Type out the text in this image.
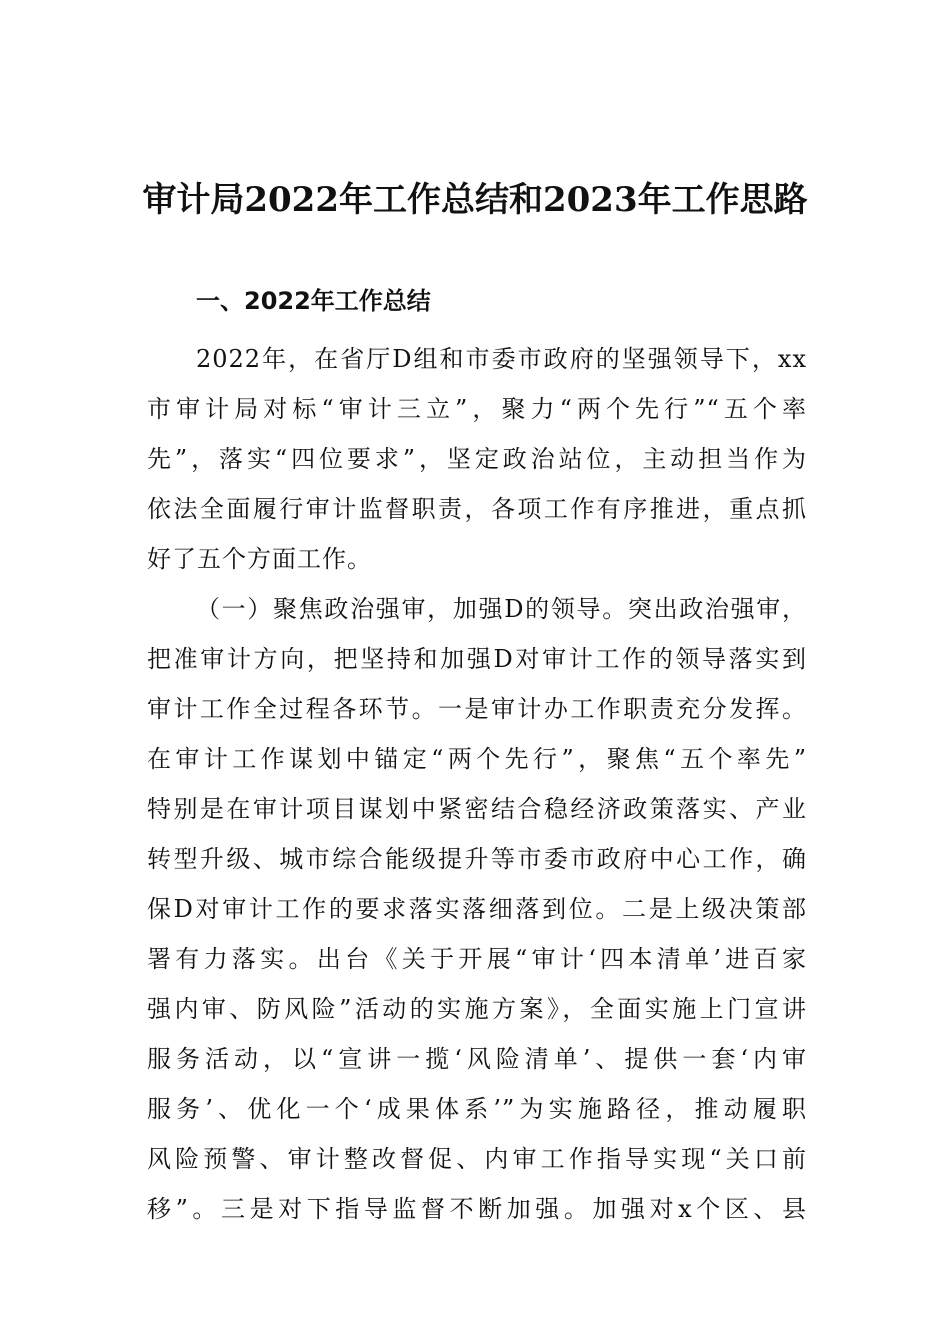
审计局2022年工作总结和2023年工作思路
一、2022年工作总结
2022年，在省厅D组和市委市政府的坚强领导下，xx
市审计局对标“审计三立”，聚力“两个先行”“五个率
先”，落实“四位要求”，坚定政治站位，主动担当作为
依法全面履行审计监督职责，各项工作有序推进，重点抓
好了五个方面工作。
（一）聚焦政治强审，加强D的领导。突出政治强审，
把准审计方向，把坚持和加强D对审计工作的领导落实到
审计工作全过程各环节。一是审计办工作职责充分发挥。
在审计工作谋划中锚定“两个先行”，聚焦“五个率先”
特别是在审计项目谋划中紧密结合稳经济政策落实、产业
转型升级、城市综合能级提升等市委市政府中心工作，确
保D对审计工作的要求落实落细落到位。二是上级决策部
署有力落实。出台《关于开展“审计‘四本清单’进百家
强内审、防风险”活动的实施方案》，全面实施上门宣讲
服务活动，以“宣讲一揽‘风险清单’、提供一套‘内审
服务’、优化一个‘成果体系’”为实施路径，推动履职
风险预警、审计整改督促、内审工作指导实现“关口前
移”。三是对下指导监督不断加强。加强对x个区、县
